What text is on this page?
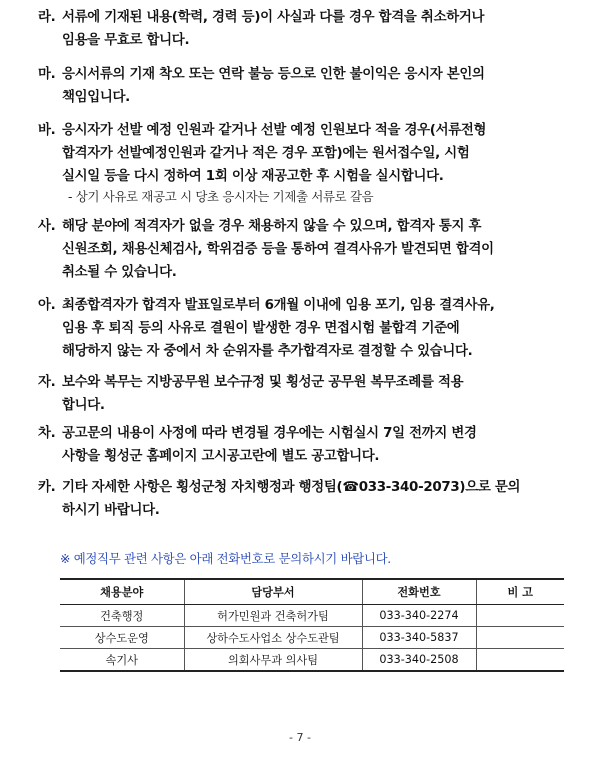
라. 서류에 기재된 내용(학력, 경력 등)이 사실과 다를 경우 합격을 취소하거나
임용을 무효로 합니다.
마. 응시서류의 기재 착오 또는 연락 불능 등으로 인한 불이익은 응시자 본인의
책임입니다.
바. 응시자가 선발 예정 인원과 같거나 선발 예정 인원보다 적을 경우(서류전형
합격자가 선발예정인원과 같거나 적은 경우 포함)에는 원서접수일, 시험
실시일 등을 다시 정하여 1회 이상 재공고한 후 시험을 실시합니다.
- 상기 사유로 재공고 시 당초 응시자는 기제출 서류로 갈음
사. 해당 분야에 적격자가 없을 경우 채용하지 않을 수 있으며, 합격자 통지 후
신원조회, 채용신체검사, 학위검증 등을 통하여 결격사유가 발견되면 합격이
취소될 수 있습니다.
아. 최종합격자가 합격자 발표일로부터 6개월 이내에 임용 포기, 임용 결격사유,
임용 후 퇴직 등의 사유로 결원이 발생한 경우 면접시험 불합격 기준에
해당하지 않는 자 중에서 차 순위자를 추가합격자로 결정할 수 있습니다.
자. 보수와 복무는 지방공무원 보수규정 및 횡성군 공무원 복무조례를 적용
합니다.
차. 공고문의 내용이 사정에 따라 변경될 경우에는 시험실시 7일 전까지 변경
사항을 횡성군 홈페이지 고시공고란에 별도 공고합니다.
카. 기타 자세한 사항은 횡성군청 자치행정과 행정팀(☎033-340-2073)으로 문의
하시기 바랍니다.
※ 예정직무 관련 사항은 아래 전화번호로 문의하시기 바랍니다.
채용분야	담당부서	전화번호	비 고
건축행정	허가민원과 건축허가팀	033-340-2274	
상수도운영	상하수도사업소 상수도관팀	033-340-5837	
속기사	의회사무과 의사팀	033-340-2508	
- 7 -
